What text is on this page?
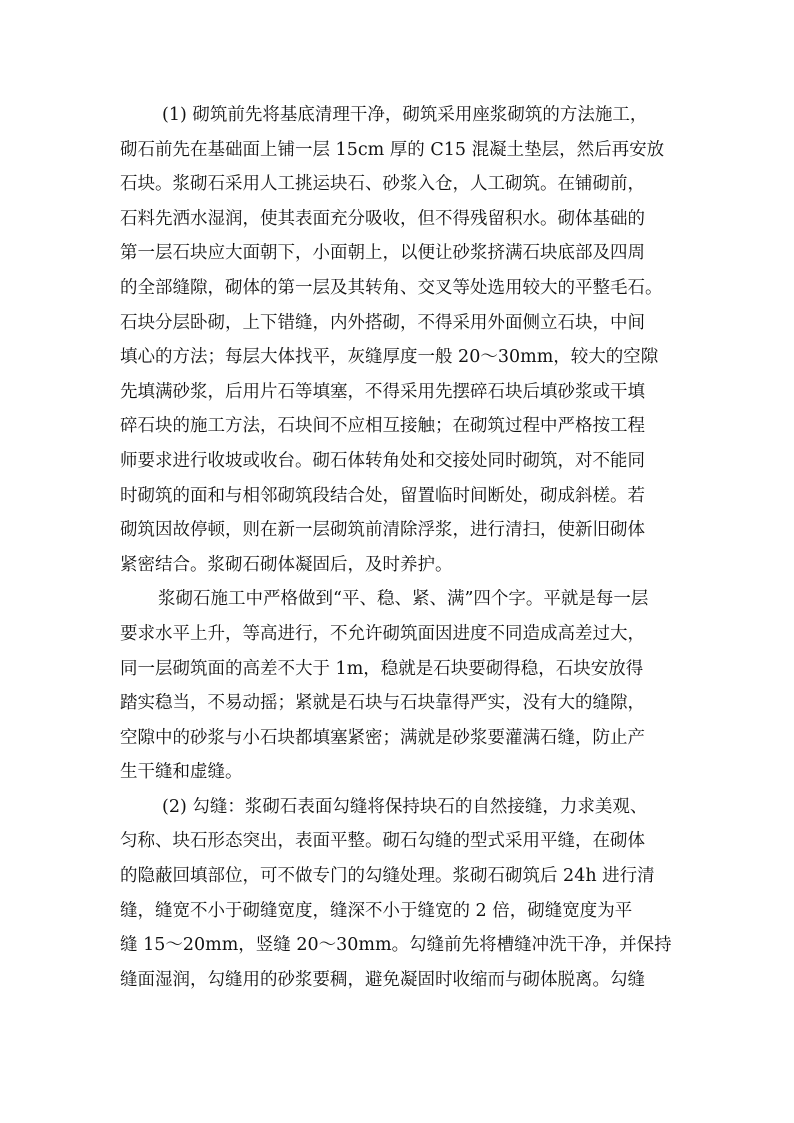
(1) 砌筑前先将基底清理干净，砌筑采用座浆砌筑的方法施工，
砌石前先在基础面上铺一层 15cm 厚的 C15 混凝土垫层，然后再安放
石块。浆砌石采用人工挑运块石、砂浆入仓，人工砌筑。在铺砌前，
石料先洒水湿润，使其表面充分吸收，但不得残留积水。砌体基础的
第一层石块应大面朝下，小面朝上，以便让砂浆挤满石块底部及四周
的全部缝隙，砌体的第一层及其转角、交叉等处选用较大的平整毛石。
石块分层卧砌，上下错缝，内外搭砌，不得采用外面侧立石块，中间
填心的方法；每层大体找平，灰缝厚度一般 20～30mm，较大的空隙
先填满砂浆，后用片石等填塞，不得采用先摆碎石块后填砂浆或干填
碎石块的施工方法，石块间不应相互接触；在砌筑过程中严格按工程
师要求进行收坡或收台。砌石体转角处和交接处同时砌筑，对不能同
时砌筑的面和与相邻砌筑段结合处，留置临时间断处，砌成斜槎。若
砌筑因故停顿，则在新一层砌筑前清除浮浆，进行清扫，使新旧砌体
紧密结合。浆砌石砌体凝固后，及时养护。
浆砌石施工中严格做到“平、稳、紧、满”四个字。平就是每一层
要求水平上升，等高进行，不允许砌筑面因进度不同造成高差过大，
同一层砌筑面的高差不大于 1m，稳就是石块要砌得稳，石块安放得
踏实稳当，不易动摇；紧就是石块与石块靠得严实，没有大的缝隙，
空隙中的砂浆与小石块都填塞紧密；满就是砂浆要灌满石缝，防止产
生干缝和虚缝。
(2) 勾缝：浆砌石表面勾缝将保持块石的自然接缝，力求美观、
匀称、块石形态突出，表面平整。砌石勾缝的型式采用平缝，在砌体
的隐蔽回填部位，可不做专门的勾缝处理。浆砌石砌筑后 24h 进行清
缝，缝宽不小于砌缝宽度，缝深不小于缝宽的 2 倍，砌缝宽度为平
缝 15～20mm，竖缝 20～30mm。勾缝前先将槽缝冲洗干净，并保持
缝面湿润，勾缝用的砂浆要稠，避免凝固时收缩而与砌体脱离。勾缝
